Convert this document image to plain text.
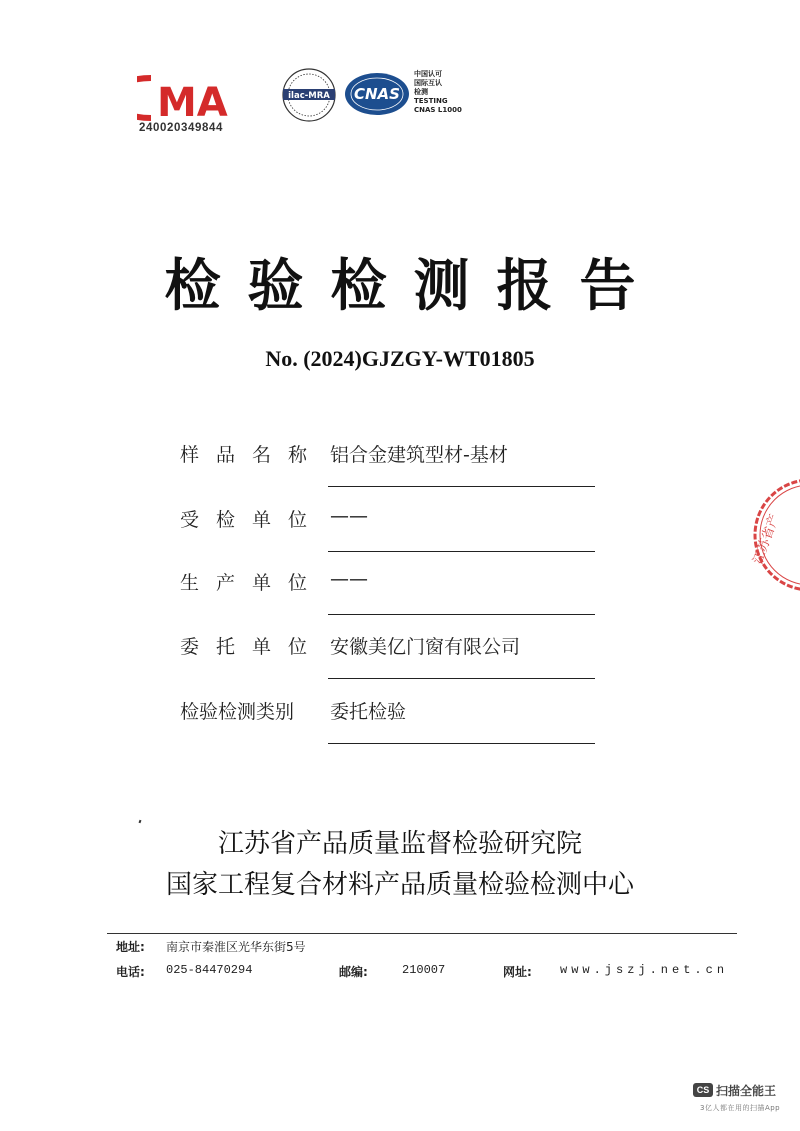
MA
240020349844
ilac-MRA CNAS
中国认可
国际互认
检测
TESTING
CNAS L1000
检验检测报告
No. (2024)GJZGY-WT01805
样品名称 铝合金建筑型材-基材
受检单位 ——
生产单位 ——
委托单位 安徽美亿门窗有限公司
检验检测类别	委托检验
江苏省产
江苏省产品质量监督检验研究院
国家工程复合材料产品质量检验检测中心
地址: 南京市秦淮区光华东街5号
电话: 025-84470294	邮编:	210007	网址: www.jszj.net.cn
CS 扫描全能王
3亿人都在用的扫描App
